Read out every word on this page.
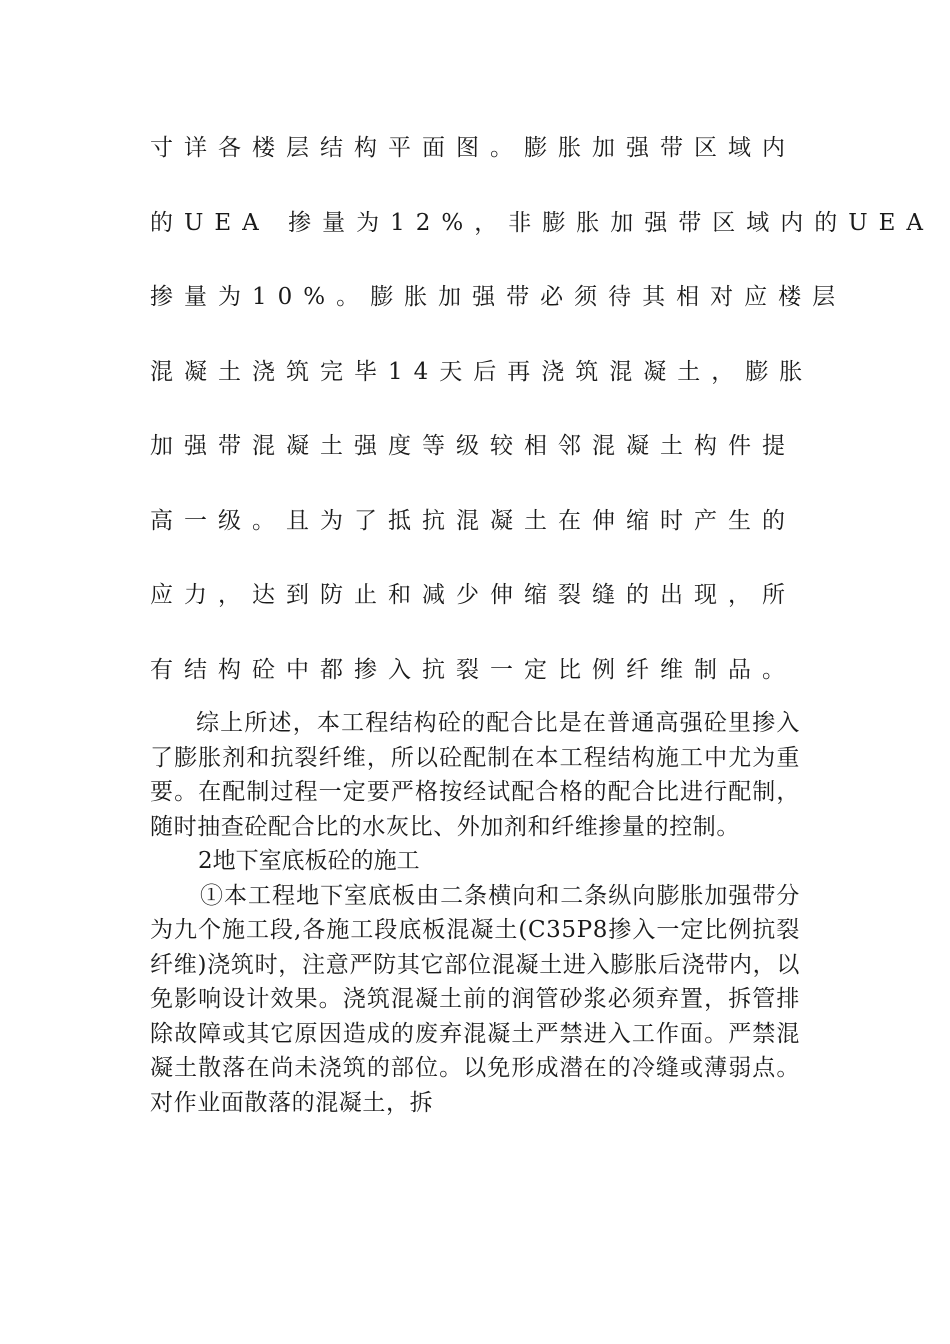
寸详各楼层结构平面图。膨胀加强带区域内
的UEA 掺量为12%，非膨胀加强带区域内的UEA
掺量为10%。膨胀加强带必须待其相对应楼层
混凝土浇筑完毕14天后再浇筑混凝土，膨胀
加强带混凝土强度等级较相邻混凝土构件提
高一级。且为了抵抗混凝土在伸缩时产生的
应力，达到防止和减少伸缩裂缝的出现，所
有结构砼中都掺入抗裂一定比例纤维制品。

综上所述，本工程结构砼的配合比是在普通高强砼里掺入了膨胀剂和抗裂纤维，所以砼配制在本工程结构施工中尤为重要。在配制过程一定要严格按经试配合格的配合比进行配制，随时抽查砼配合比的水灰比、外加剂和纤维掺量的控制。

2地下室底板砼的施工

①本工程地下室底板由二条横向和二条纵向膨胀加强带分为九个施工段,各施工段底板混凝土(C35P8掺入一定比例抗裂纤维)浇筑时，注意严防其它部位混凝土进入膨胀后浇带内，以免影响设计效果。浇筑混凝土前的润管砂浆必须弃置，拆管排除故障或其它原因造成的废弃混凝土严禁进入工作面。严禁混凝土散落在尚未浇筑的部位。以免形成潜在的冷缝或薄弱点。对作业面散落的混凝土，拆
